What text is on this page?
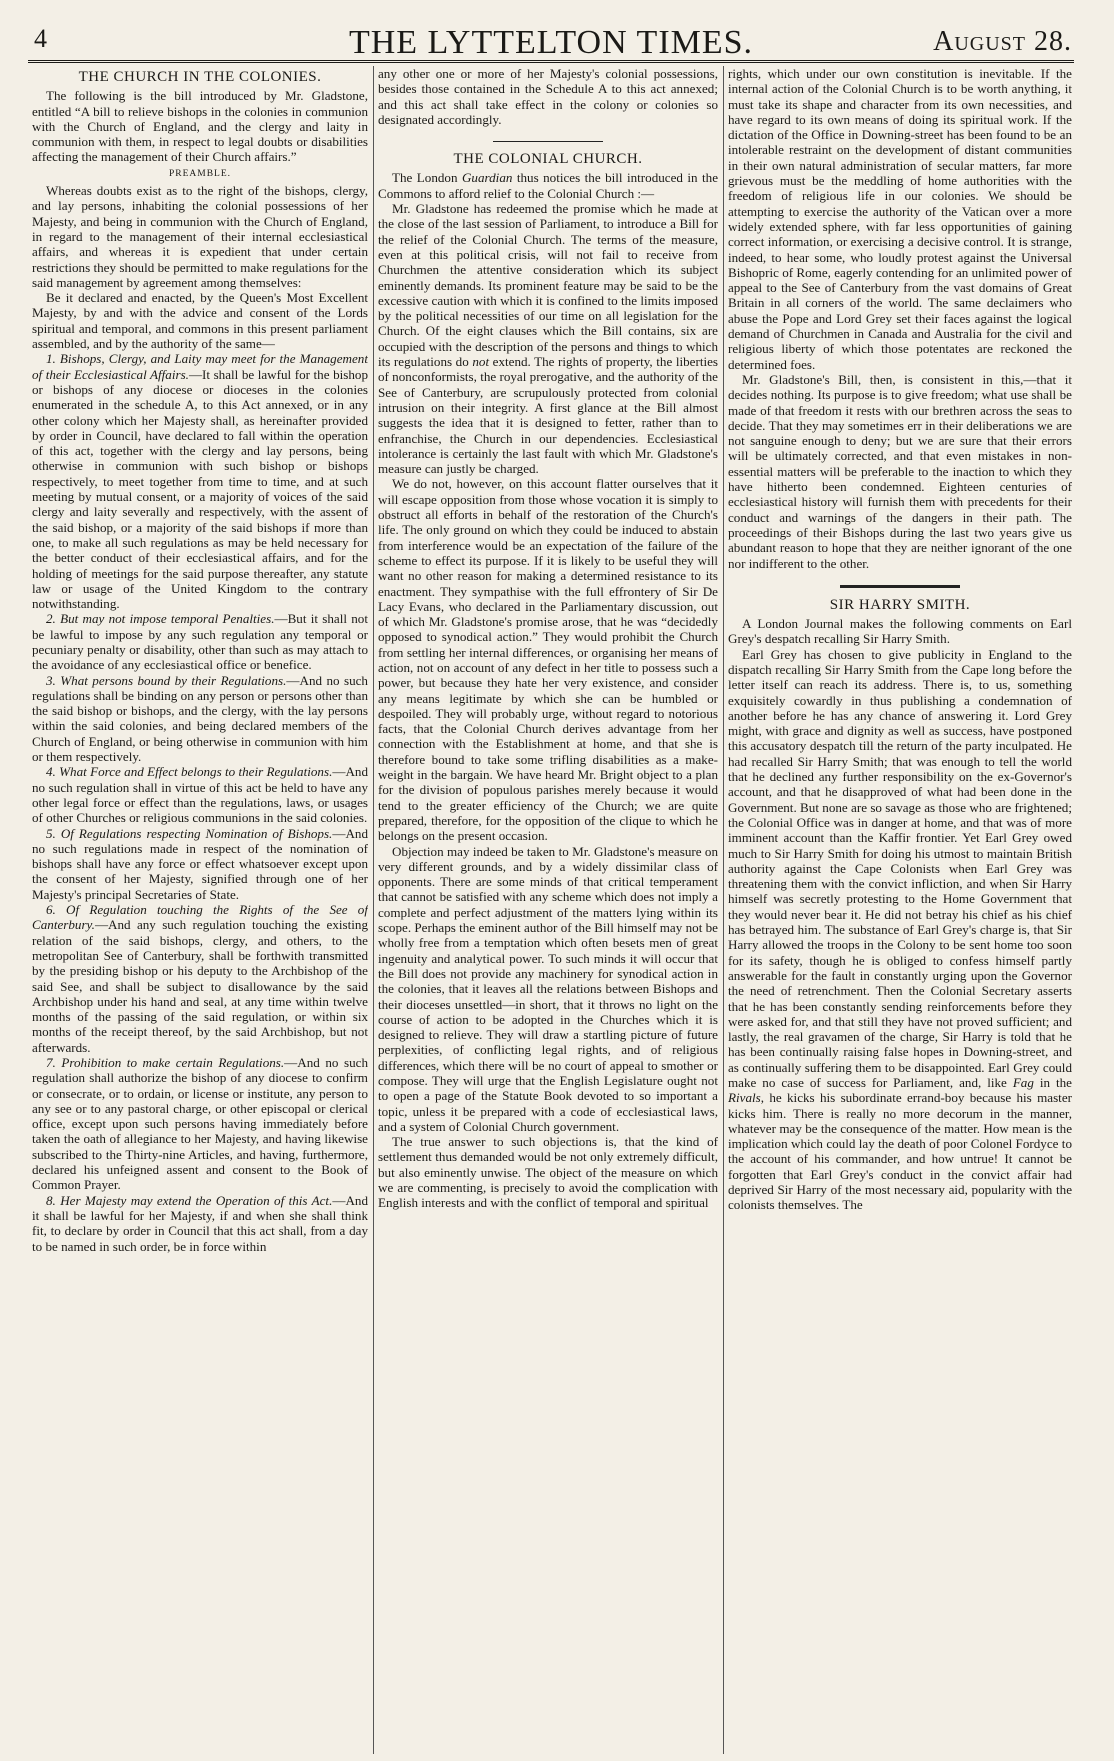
4	THE LYTTELTON TIMES.	August 28.
THE CHURCH IN THE COLONIES.

The following is the bill introduced by Mr. Gladstone, entitled “A bill to relieve bishops in the colonies in communion with the Church of England, and the clergy and laity in communion with them, in respect to legal doubts or disabilities affecting the management of their Church affairs.”

PREAMBLE.

Whereas doubts exist as to the right of the bishops, clergy, and lay persons, inhabiting the colonial possessions of her Majesty, and being in communion with the Church of England, in regard to the management of their internal ecclesiastical affairs, and whereas it is expedient that under certain restrictions they should be permitted to make regulations for the said management by agreement among themselves:

Be it declared and enacted, by the Queen's Most Excellent Majesty, by and with the advice and consent of the Lords spiritual and temporal, and commons in this present parliament assembled, and by the authority of the same—

1. Bishops, Clergy, and Laity may meet for the Management of their Ecclesiastical Affairs.—It shall be lawful for the bishop or bishops of any diocese or dioceses in the colonies enumerated in the schedule A, to this Act annexed, or in any other colony which her Majesty shall, as hereinafter provided by order in Council, have declared to fall within the operation of this act, together with the clergy and lay persons, being otherwise in communion with such bishop or bishops respectively, to meet together from time to time, and at such meeting by mutual consent, or a majority of voices of the said clergy and laity severally and respectively, with the assent of the said bishop, or a majority of the said bishops if more than one, to make all such regulations as may be held necessary for the better conduct of their ecclesiastical affairs, and for the holding of meetings for the said purpose thereafter, any statute law or usage of the United Kingdom to the contrary notwithstanding.

2. But may not impose temporal Penalties.—But it shall not be lawful to impose by any such regulation any temporal or pecuniary penalty or disability, other than such as may attach to the avoidance of any ecclesiastical office or benefice.

3. What persons bound by their Regulations.—And no such regulations shall be binding on any person or persons other than the said bishop or bishops, and the clergy, with the lay persons within the said colonies, and being declared members of the Church of England, or being otherwise in communion with him or them respectively.

4. What Force and Effect belongs to their Regulations.—And no such regulation shall in virtue of this act be held to have any other legal force or effect than the regulations, laws, or usages of other Churches or religious communions in the said colonies.

5. Of Regulations respecting Nomination of Bishops.—And no such regulations made in respect of the nomination of bishops shall have any force or effect whatsoever except upon the consent of her Majesty, signified through one of her Majesty's principal Secretaries of State.

6. Of Regulation touching the Rights of the See of Canterbury.—And any such regulation touching the existing relation of the said bishops, clergy, and others, to the metropolitan See of Canterbury, shall be forthwith transmitted by the presiding bishop or his deputy to the Archbishop of the said See, and shall be subject to disallowance by the said Archbishop under his hand and seal, at any time within twelve months of the passing of the said regulation, or within six months of the receipt thereof, by the said Archbishop, but not afterwards.

7. Prohibition to make certain Regulations.—And no such regulation shall authorize the bishop of any diocese to confirm or consecrate, or to ordain, or license or institute, any person to any see or to any pastoral charge, or other episcopal or clerical office, except upon such persons having immediately before taken the oath of allegiance to her Majesty, and having likewise subscribed to the Thirty-nine Articles, and having, furthermore, declared his unfeigned assent and consent to the Book of Common Prayer.

8. Her Majesty may extend the Operation of this Act.—And it shall be lawful for her Majesty, if and when she shall think fit, to declare by order in Council that this act shall, from a day to be named in such order, be in force within

any other one or more of her Majesty's colonial possessions, besides those contained in the Schedule A to this act annexed; and this act shall take effect in the colony or colonies so designated accordingly.

THE COLONIAL CHURCH.

The London Guardian thus notices the bill introduced in the Commons to afford relief to the Colonial Church :—

Mr. Gladstone has redeemed the promise which he made at the close of the last session of Parliament, to introduce a Bill for the relief of the Colonial Church. The terms of the measure, even at this political crisis, will not fail to receive from Churchmen the attentive consideration which its subject eminently demands. Its prominent feature may be said to be the excessive caution with which it is confined to the limits imposed by the political necessities of our time on all legislation for the Church. Of the eight clauses which the Bill contains, six are occupied with the description of the persons and things to which its regulations do not extend. The rights of property, the liberties of nonconformists, the royal prerogative, and the authority of the See of Canterbury, are scrupulously protected from colonial intrusion on their integrity. A first glance at the Bill almost suggests the idea that it is designed to fetter, rather than to enfranchise, the Church in our dependencies. Ecclesiastical intolerance is certainly the last fault with which Mr. Gladstone's measure can justly be charged.

We do not, however, on this account flatter ourselves that it will escape opposition from those whose vocation it is simply to obstruct all efforts in behalf of the restoration of the Church's life. The only ground on which they could be induced to abstain from interference would be an expectation of the failure of the scheme to effect its purpose. If it is likely to be useful they will want no other reason for making a determined resistance to its enactment. They sympathise with the full effrontery of Sir De Lacy Evans, who declared in the Parliamentary discussion, out of which Mr. Gladstone's promise arose, that he was “decidedly opposed to synodical action.” They would prohibit the Church from settling her internal differences, or organising her means of action, not on account of any defect in her title to possess such a power, but because they hate her very existence, and consider any means legitimate by which she can be humbled or despoiled. They will probably urge, without regard to notorious facts, that the Colonial Church derives advantage from her connection with the Establishment at home, and that she is therefore bound to take some trifling disabilities as a make-weight in the bargain. We have heard Mr. Bright object to a plan for the division of populous parishes merely because it would tend to the greater efficiency of the Church; we are quite prepared, therefore, for the opposition of the clique to which he belongs on the present occasion.

Objection may indeed be taken to Mr. Gladstone's measure on very different grounds, and by a widely dissimilar class of opponents. There are some minds of that critical temperament that cannot be satisfied with any scheme which does not imply a complete and perfect adjustment of the matters lying within its scope. Perhaps the eminent author of the Bill himself may not be wholly free from a temptation which often besets men of great ingenuity and analytical power. To such minds it will occur that the Bill does not provide any machinery for synodical action in the colonies, that it leaves all the relations between Bishops and their dioceses unsettled—in short, that it throws no light on the course of action to be adopted in the Churches which it is designed to relieve. They will draw a startling picture of future perplexities, of conflicting legal rights, and of religious differences, which there will be no court of appeal to smother or compose. They will urge that the English Legislature ought not to open a page of the Statute Book devoted to so important a topic, unless it be prepared with a code of ecclesiastical laws, and a system of Colonial Church government.

The true answer to such objections is, that the kind of settlement thus demanded would be not only extremely difficult, but also eminently unwise. The object of the measure on which we are commenting, is precisely to avoid the complication with English interests and with the conflict of temporal and spiritual

rights, which under our own constitution is inevitable. If the internal action of the Colonial Church is to be worth anything, it must take its shape and character from its own necessities, and have regard to its own means of doing its spiritual work. If the dictation of the Office in Downing-street has been found to be an intolerable restraint on the development of distant communities in their own natural administration of secular matters, far more grievous must be the meddling of home authorities with the freedom of religious life in our colonies. We should be attempting to exercise the authority of the Vatican over a more widely extended sphere, with far less opportunities of gaining correct information, or exercising a decisive control. It is strange, indeed, to hear some, who loudly protest against the Universal Bishopric of Rome, eagerly contending for an unlimited power of appeal to the See of Canterbury from the vast domains of Great Britain in all corners of the world. The same declaimers who abuse the Pope and Lord Grey set their faces against the logical demand of Churchmen in Canada and Australia for the civil and religious liberty of which those potentates are reckoned the determined foes.

Mr. Gladstone's Bill, then, is consistent in this,—that it decides nothing. Its purpose is to give freedom; what use shall be made of that freedom it rests with our brethren across the seas to decide. That they may sometimes err in their deliberations we are not sanguine enough to deny; but we are sure that their errors will be ultimately corrected, and that even mistakes in non-essential matters will be preferable to the inaction to which they have hitherto been condemned. Eighteen centuries of ecclesiastical history will furnish them with precedents for their conduct and warnings of the dangers in their path. The proceedings of their Bishops during the last two years give us abundant reason to hope that they are neither ignorant of the one nor indifferent to the other.

SIR HARRY SMITH.

A London Journal makes the following comments on Earl Grey's despatch recalling Sir Harry Smith.

Earl Grey has chosen to give publicity in England to the dispatch recalling Sir Harry Smith from the Cape long before the letter itself can reach its address. There is, to us, something exquisitely cowardly in thus publishing a condemnation of another before he has any chance of answering it. Lord Grey might, with grace and dignity as well as success, have postponed this accusatory despatch till the return of the party inculpated. He had recalled Sir Harry Smith; that was enough to tell the world that he declined any further responsibility on the ex-Governor's account, and that he disapproved of what had been done in the Government. But none are so savage as those who are frightened; the Colonial Office was in danger at home, and that was of more imminent account than the Kaffir frontier. Yet Earl Grey owed much to Sir Harry Smith for doing his utmost to maintain British authority against the Cape Colonists when Earl Grey was threatening them with the convict infliction, and when Sir Harry himself was secretly protesting to the Home Government that they would never bear it. He did not betray his chief as his chief has betrayed him. The substance of Earl Grey's charge is, that Sir Harry allowed the troops in the Colony to be sent home too soon for its safety, though he is obliged to confess himself partly answerable for the fault in constantly urging upon the Governor the need of retrenchment. Then the Colonial Secretary asserts that he has been constantly sending reinforcements before they were asked for, and that still they have not proved sufficient; and lastly, the real gravamen of the charge, Sir Harry is told that he has been continually raising false hopes in Downing-street, and as continually suffering them to be disappointed. Earl Grey could make no case of success for Parliament, and, like Fag in the Rivals, he kicks his subordinate errand-boy because his master kicks him. There is really no more decorum in the manner, whatever may be the consequence of the matter. How mean is the implication which could lay the death of poor Colonel Fordyce to the account of his commander, and how untrue! It cannot be forgotten that Earl Grey's conduct in the convict affair had deprived Sir Harry of the most necessary aid, popularity with the colonists themselves. The
